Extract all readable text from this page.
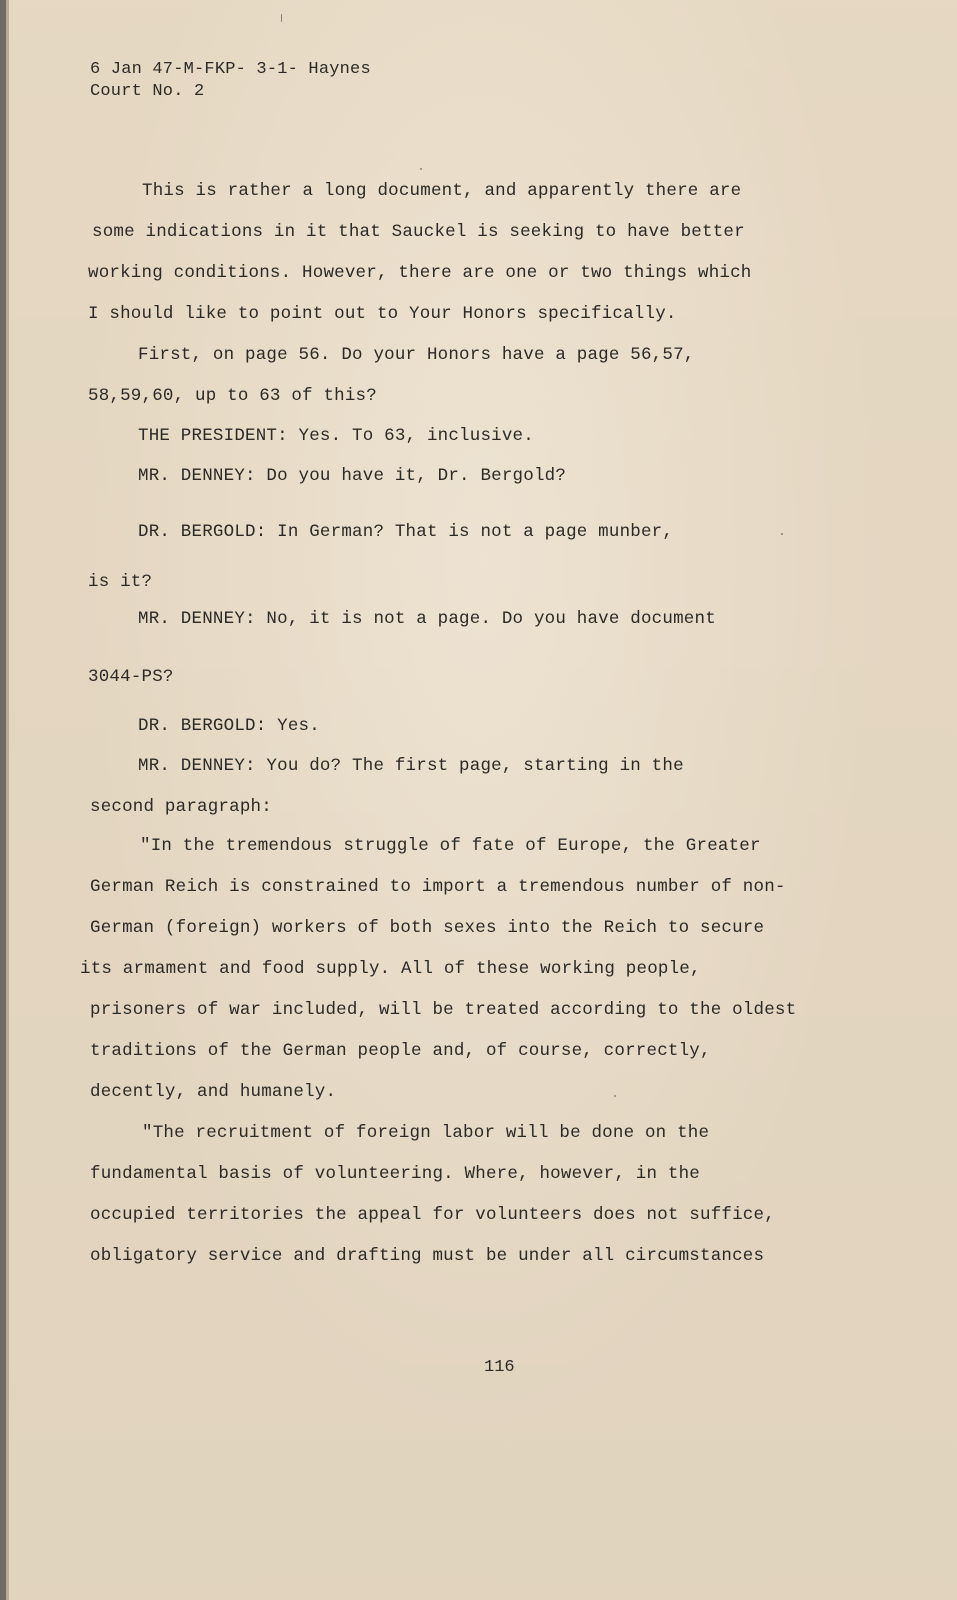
6 Jan 47-M-FKP- 3-1- Haynes
Court No. 2
This is rather a long document, and apparently there are
some indications in it that Sauckel is seeking to have better
working conditions. However, there are one or two things which
I should like to point out to Your Honors specifically.
First, on page 56. Do your Honors have a page 56,57,
58,59,60, up to 63 of this?
THE PRESIDENT: Yes. To 63, inclusive.
MR. DENNEY: Do you have it, Dr. Bergold?
DR. BERGOLD: In German? That is not a page munber,
is it?
MR. DENNEY: No, it is not a page. Do you have document
3044-PS?
DR. BERGOLD: Yes.
MR. DENNEY: You do? The first page, starting in the
second paragraph:
"In the tremendous struggle of fate of Europe, the Greater
German Reich is constrained to import a tremendous number of non-
German (foreign) workers of both sexes into the Reich to secure
its armament and food supply. All of these working people,
prisoners of war included, will be treated according to the oldest
traditions of the German people and, of course, correctly,
decently, and humanely.
"The recruitment of foreign labor will be done on the
fundamental basis of volunteering. Where, however, in the
occupied territories the appeal for volunteers does not suffice,
obligatory service and drafting must be under all circumstances
116
